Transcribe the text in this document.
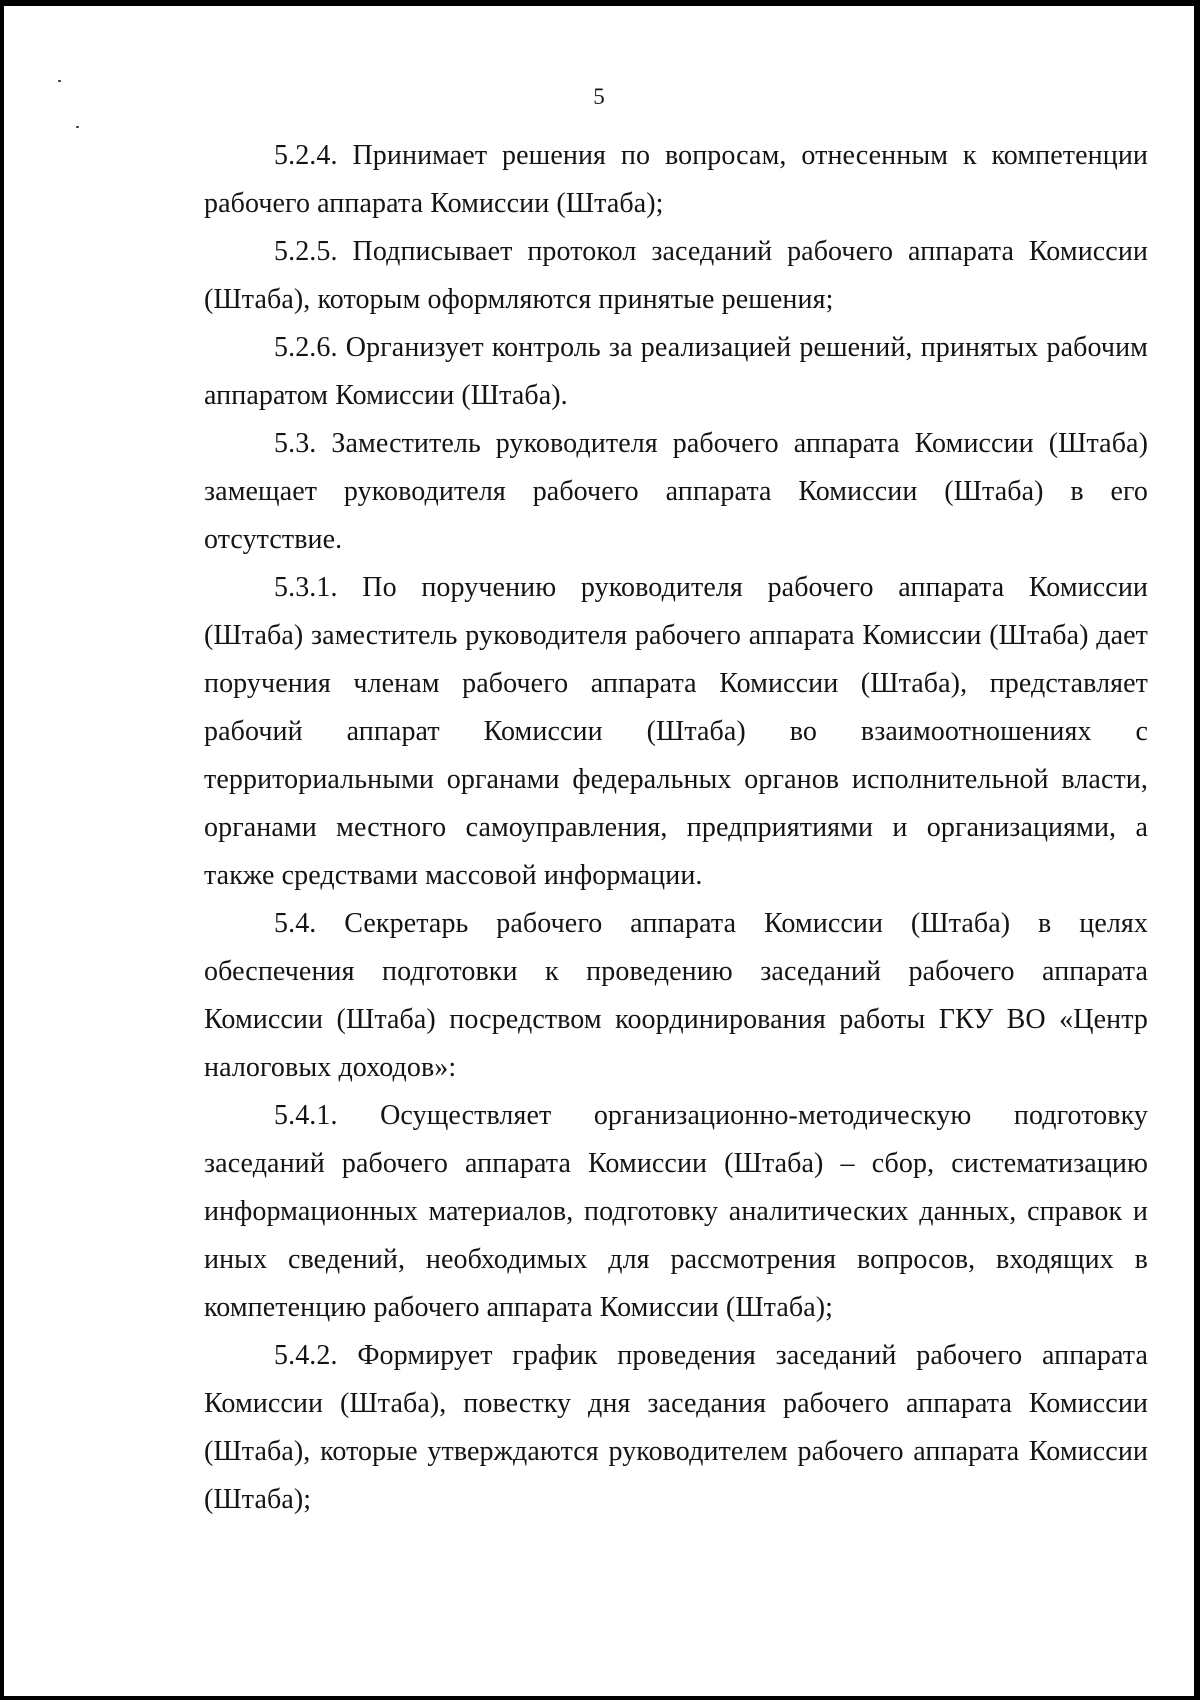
5

5.2.4. Принимает решения по вопросам, отнесенным к компетенции рабочего аппарата Комиссии (Штаба);

5.2.5. Подписывает протокол заседаний рабочего аппарата Комиссии (Штаба), которым оформляются принятые решения;

5.2.6. Организует контроль за реализацией решений, принятых рабочим аппаратом Комиссии (Штаба).

5.3. Заместитель руководителя рабочего аппарата Комиссии (Штаба) замещает руководителя рабочего аппарата Комиссии (Штаба) в его отсутствие.

5.3.1. По поручению руководителя рабочего аппарата Комиссии (Штаба) заместитель руководителя рабочего аппарата Комиссии (Штаба) дает поручения членам рабочего аппарата Комиссии (Штаба), представляет рабочий аппарат Комиссии (Штаба) во взаимоотношениях с территориальными органами федеральных органов исполнительной власти, органами местного самоуправления, предприятиями и организациями, а также средствами массовой информации.

5.4. Секретарь рабочего аппарата Комиссии (Штаба) в целях обеспечения подготовки к проведению заседаний рабочего аппарата Комиссии (Штаба) посредством координирования работы ГКУ ВО «Центр налоговых доходов»:

5.4.1. Осуществляет организационно-методическую подготовку заседаний рабочего аппарата Комиссии (Штаба) – сбор, систематизацию информационных материалов, подготовку аналитических данных, справок и иных сведений, необходимых для рассмотрения вопросов, входящих в компетенцию рабочего аппарата Комиссии (Штаба);

5.4.2. Формирует график проведения заседаний рабочего аппарата Комиссии (Штаба), повестку дня заседания рабочего аппарата Комиссии (Штаба), которые утверждаются руководителем рабочего аппарата Комиссии (Штаба);
